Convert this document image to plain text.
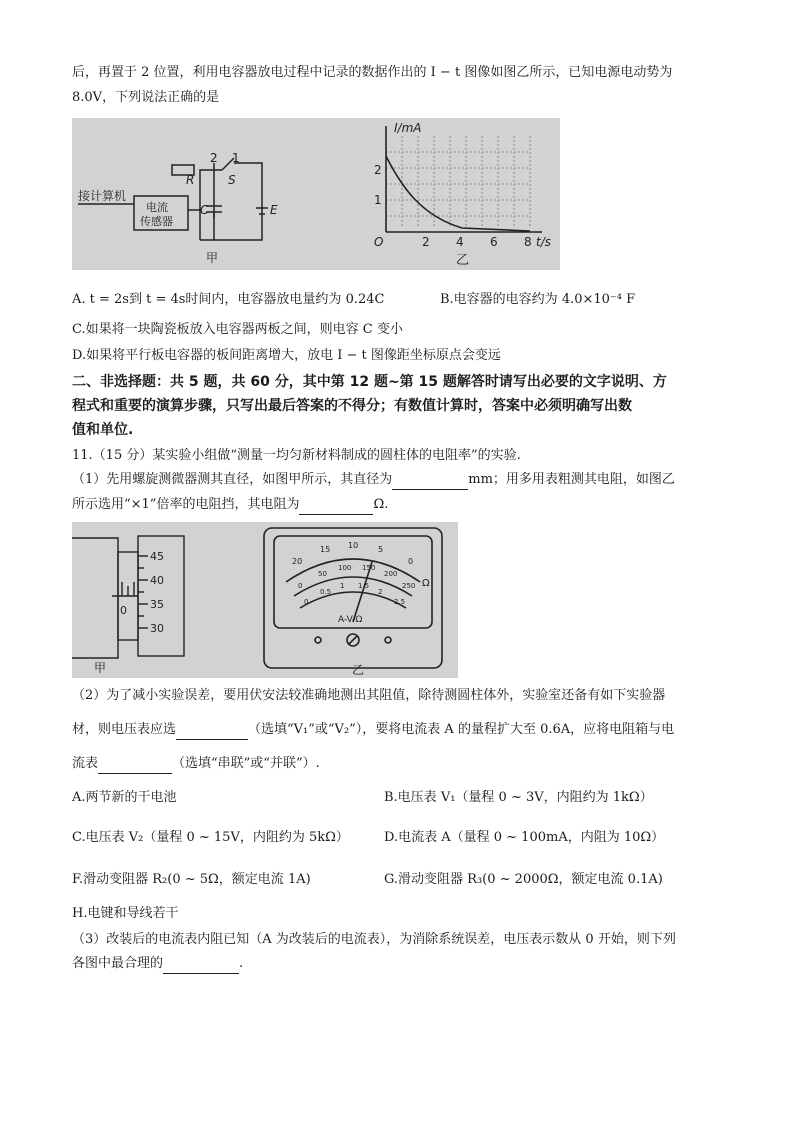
后，再置于 2 位置，利用电容器放电过程中记录的数据作出的 I − t 图像如图乙所示，已知电源电动势为
8.0V，下列说法正确的是
2 1
R	S
C	E
接计算机
电流
传感器
甲
I/mA
t/s
O
1
2
2 4 6 8
乙
A. t = 2s到 t = 4s时间内，电容器放电量约为 0.24C	B.电容器的电容约为 4.0×10⁻⁴ F
C.如果将一块陶瓷板放入电容器两板之间，则电容 C 变小
D.如果将平行板电容器的板间距离增大，放电 I − t 图像距坐标原点会变远
二、非选择题：共 5 题，共 60 分，其中第 12 题~第 15 题解答时请写出必要的文字说明、方
程式和重要的演算步骤，只写出最后答案的不得分；有数值计算时，答案中必须明确写出数
值和单位.
11.（15 分）某实验小组做“测量一均匀新材料制成的圆柱体的电阻率”的实验.
（1）先用螺旋测微器测其直径，如图甲所示，其直径为	mm；用多用表粗测其电阻，如图乙
所示选用“×1”倍率的电阻挡，其电阻为	Ω.
45
40
35
30
0
甲
20
15 10 5
0
0
50
100 150
200
250
0
0.5
1 1.5
2
2.5
Ω
A-V-Ω
乙
（2）为了减小实验误差，要用伏安法较准确地测出其阻值，除待测圆柱体外，实验室还备有如下实验器
材，则电压表应选	（选填“V₁”或“V₂”），要将电流表 A 的量程扩大至 0.6A，应将电阻箱与电
流表	（选填“串联”或“并联”）.
A.两节新的干电池	B.电压表 V₁（量程 0 ~ 3V，内阻约为 1kΩ）
C.电压表 V₂（量程 0 ~ 15V，内阻约为 5kΩ）	D.电流表 A（量程 0 ~ 100mA，内阻为 10Ω）
F.滑动变阻器 R₂(0 ~ 5Ω，额定电流 1A)	G.滑动变阻器 R₃(0 ~ 2000Ω，额定电流 0.1A)
H.电键和导线若干
（3）改装后的电流表内阻已知（A 为改装后的电流表），为消除系统误差，电压表示数从 0 开始，则下列
各图中最合理的	.
